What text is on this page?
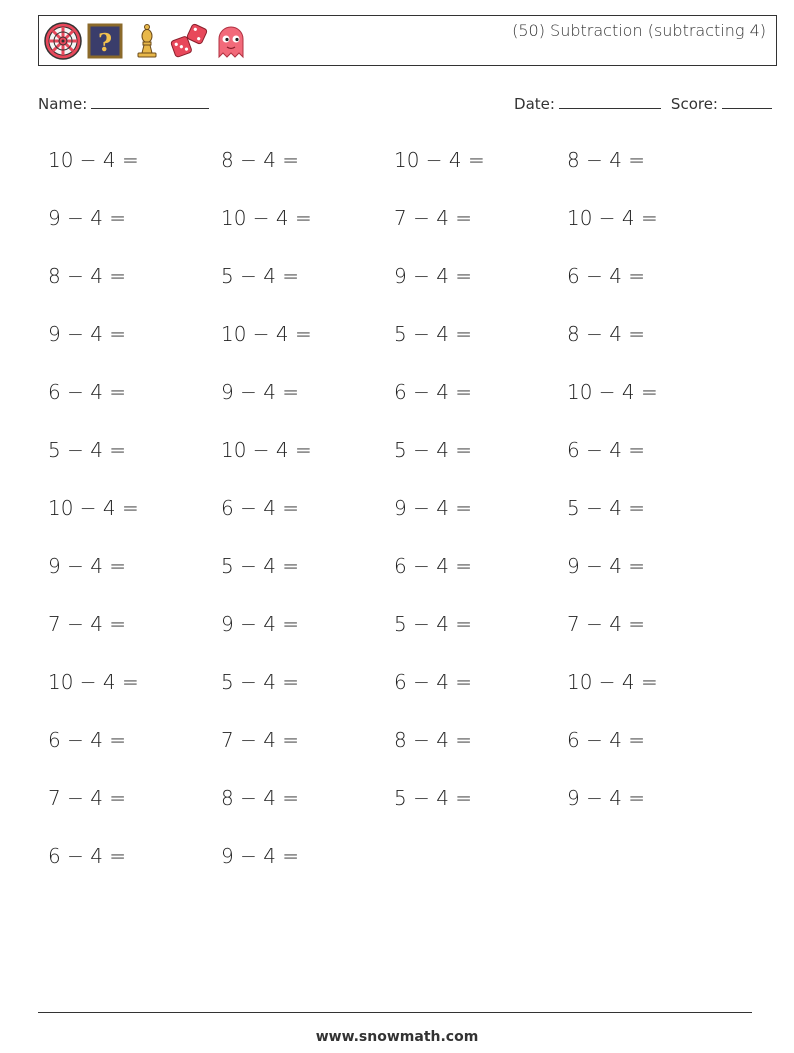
?	(50) Subtraction (subtracting 4)
Name:	Date:	Score:
10 − 4 =	8 − 4 =	10 − 4 =	8 − 4 =
9 − 4 =	10 − 4 =	7 − 4 =	10 − 4 =
8 − 4 =	5 − 4 =	9 − 4 =	6 − 4 =
9 − 4 =	10 − 4 =	5 − 4 =	8 − 4 =
6 − 4 =	9 − 4 =	6 − 4 =	10 − 4 =
5 − 4 =	10 − 4 =	5 − 4 =	6 − 4 =
10 − 4 =	6 − 4 =	9 − 4 =	5 − 4 =
9 − 4 =	5 − 4 =	6 − 4 =	9 − 4 =
7 − 4 =	9 − 4 =	5 − 4 =	7 − 4 =
10 − 4 =	5 − 4 =	6 − 4 =	10 − 4 =
6 − 4 =	7 − 4 =	8 − 4 =	6 − 4 =
7 − 4 =	8 − 4 =	5 − 4 =	9 − 4 =
6 − 4 =	9 − 4 =
www.snowmath.com
